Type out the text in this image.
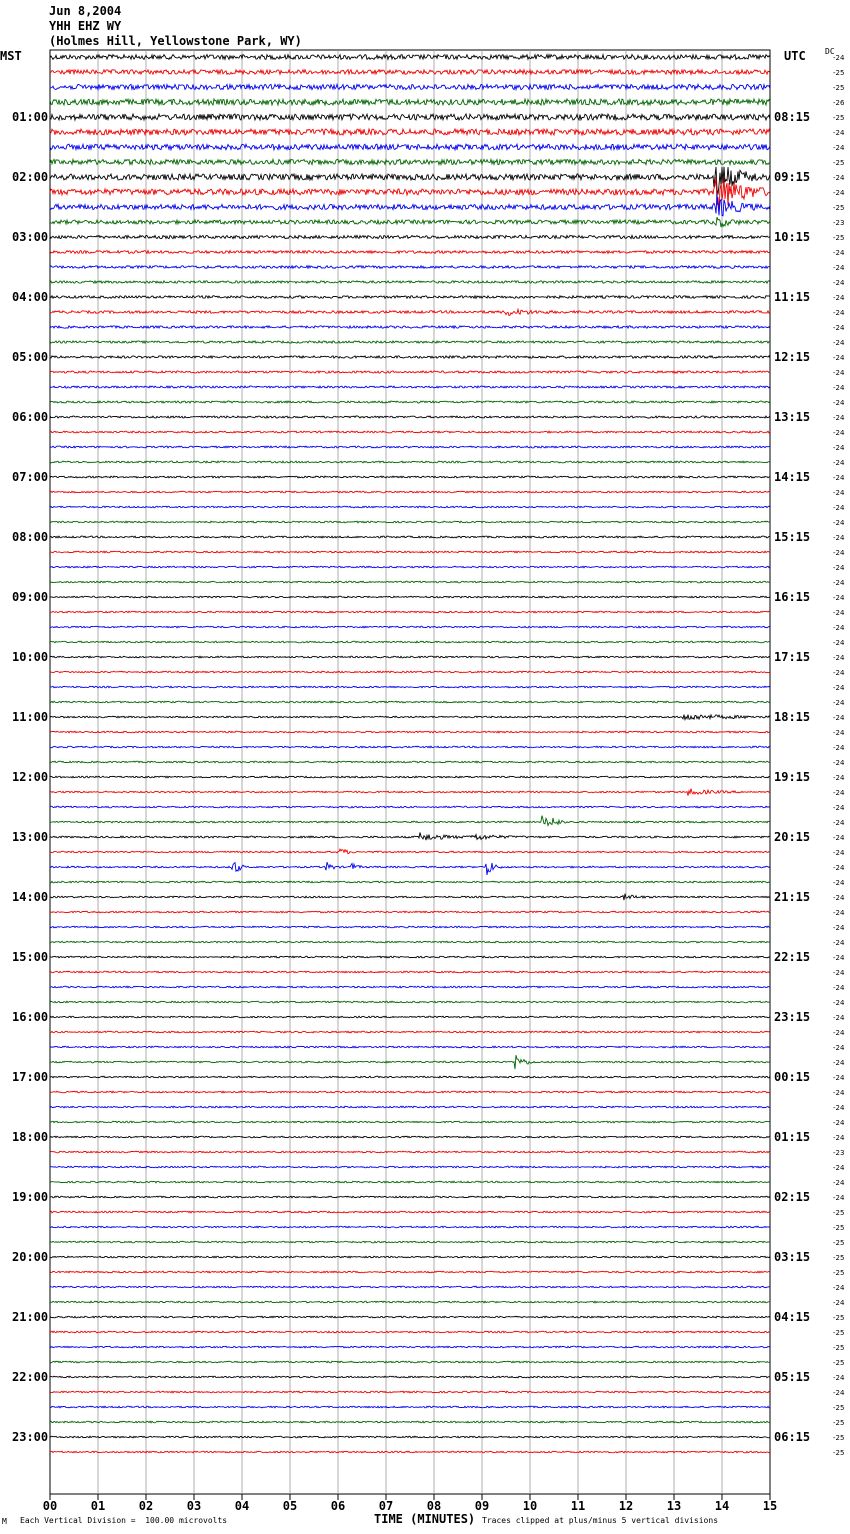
Jun 8,2004
YHH EHZ WY
(Holmes Hill, Yellowstone Park, WY)
MST	UTC DC
-24
-25
-25
-26
-25
-24
-24
-25
-24
-24
-25
-23
-25
-24
-24
-24
-24
-24
-24
-24
-24
-24
-24
-24
-24
-24
-24
-24
-24
-24
-24
-24
-24
-24
-24
-24
-24
-24
-24
-24
-24
-24
-24
-24
-24
-24
-24
-24
-24
-24
-24
-24
-24
-24
-24
-24
-24
-24
-24
-24
-24
-24
-24
-24
-24
-24
-24
-24
-24
-24
-24
-24
-24
-23
-24
-24
-24
-25
-25
-25
-25
-25
-24
-24
-25
-25
-25
-25
-24
-24
-25
-25
-25
-25
01:00	08:15
02:00	09:15
03:00	10:15
04:00	11:15
05:00	12:15
06:00	13:15
07:00	14:15
08:00	15:15
09:00	16:15
10:00	17:15
11:00	18:15
12:00	19:15
13:00	20:15
14:00	21:15
15:00	22:15
16:00	23:15
17:00	00:15
18:00	01:15
19:00	02:15
20:00	03:15
21:00	04:15
22:00	05:15
23:00	06:15
00	01	02	03	04	05	06	07	08	09	10	11	12	13	14	15
M Each Vertical Division =  100.00 microvolts	TIME (MINUTES) Traces clipped at plus/minus 5 vertical divisions
